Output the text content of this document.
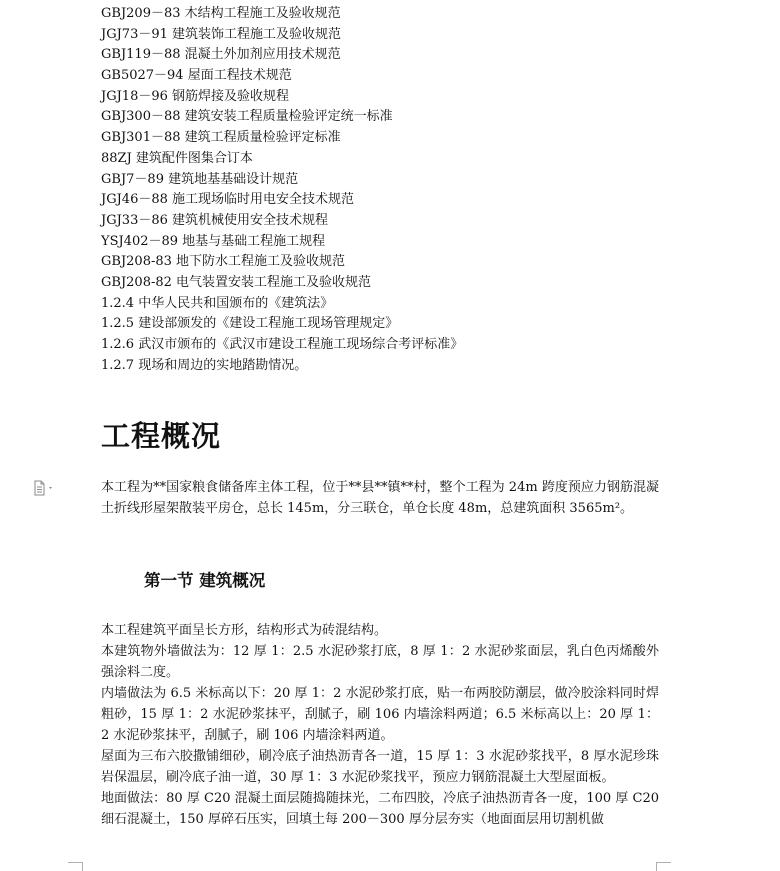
GBJ209－83 木结构工程施工及验收规范
JGJ73－91 建筑装饰工程施工及验收规范
GBJ119－88 混凝土外加剂应用技术规范
GB5027－94 屋面工程技术规范
JGJ18－96 钢筋焊接及验收规程
GBJ300－88 建筑安装工程质量检验评定统一标准
GBJ301－88 建筑工程质量检验评定标准
88ZJ 建筑配件图集合订本
GBJ7－89 建筑地基基础设计规范
JGJ46－88 施工现场临时用电安全技术规范
JGJ33－86 建筑机械使用安全技术规程
YSJ402－89 地基与基础工程施工规程
GBJ208-83 地下防水工程施工及验收规范
GBJ208-82 电气装置安装工程施工及验收规范
1.2.4 中华人民共和国颁布的《建筑法》
1.2.5 建设部颁发的《建设工程施工现场管理规定》
1.2.6 武汉市颁布的《武汉市建设工程施工现场综合考评标准》
1.2.7 现场和周边的实地踏勘情况。
工程概况

本工程为**国家粮食储备库主体工程，位于**县**镇**村，整个工程为 24m 跨度预应力钢筋混凝土折线形屋架散装平房仓，总长 145m，分三联仓，单仓长度 48m，总建筑面积 3565m²。

第一节 建筑概况
本工程建筑平面呈长方形，结构形式为砖混结构。
本建筑物外墙做法为：12 厚 1：2.5 水泥砂浆打底，8 厚 1：2 水泥砂浆面层，乳白色丙烯酸外强涂料二度。
内墙做法为 6.5 米标高以下：20 厚 1：2 水泥砂浆打底，贴一布两胶防潮层，做冷胶涂料同时焊粗砂，15 厚 1：2 水泥砂浆抹平，刮腻子，刷 106 内墙涂料两道；6.5 米标高以上：20 厚 1：2 水泥砂浆抹平，刮腻子，刷 106 内墙涂料两道。
屋面为三布六胶撒铺细砂，刷冷底子油热沥青各一道，15 厚 1：3 水泥砂浆找平，8 厚水泥珍珠岩保温层，刷冷底子油一道，30 厚 1：3 水泥砂浆找平，预应力钢筋混凝土大型屋面板。
地面做法：80 厚 C20 混凝土面层随捣随抹光，二布四胶，冷底子油热沥青各一度，100 厚 C20 细石混凝土，150 厚碎石压实，回填土每 200－300 厚分层夯实（地面面层用切割机做
